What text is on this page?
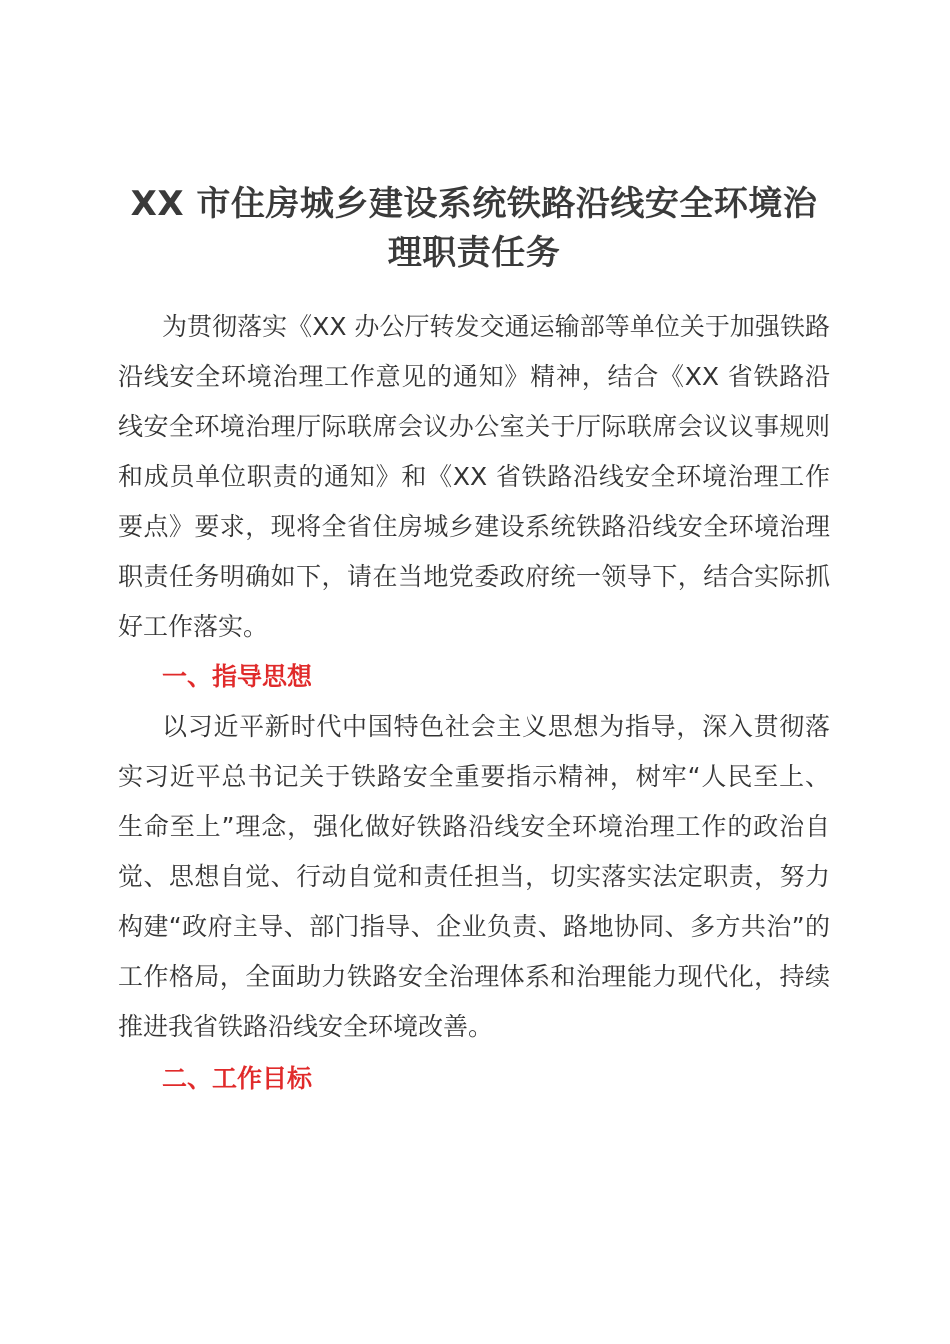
XX 市住房城乡建设系统铁路沿线安全环境治理职责任务

为贯彻落实《XX 办公厅转发交通运输部等单位关于加强铁路沿线安全环境治理工作意见的通知》精神，结合《XX 省铁路沿线安全环境治理厅际联席会议办公室关于厅际联席会议议事规则和成员单位职责的通知》和《XX 省铁路沿线安全环境治理工作要点》要求，现将全省住房城乡建设系统铁路沿线安全环境治理职责任务明确如下，请在当地党委政府统一领导下，结合实际抓好工作落实。

一、指导思想

以习近平新时代中国特色社会主义思想为指导，深入贯彻落实习近平总书记关于铁路安全重要指示精神，树牢“人民至上、生命至上”理念，强化做好铁路沿线安全环境治理工作的政治自觉、思想自觉、行动自觉和责任担当，切实落实法定职责，努力构建“政府主导、部门指导、企业负责、路地协同、多方共治”的工作格局，全面助力铁路安全治理体系和治理能力现代化，持续推进我省铁路沿线安全环境改善。

二、工作目标
